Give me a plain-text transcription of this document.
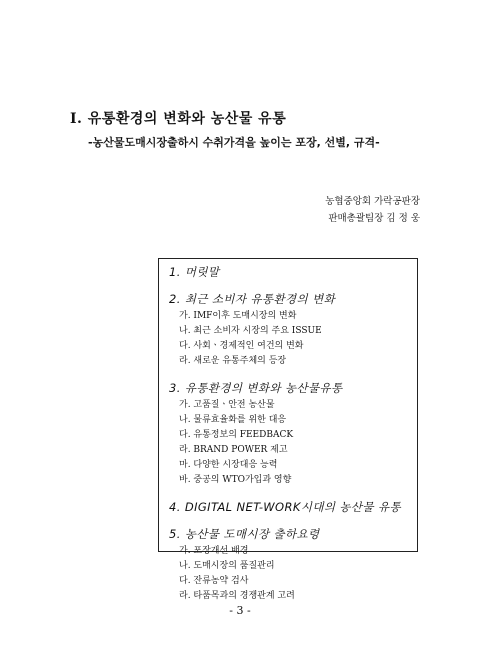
Ⅰ. 유통환경의 변화와 농산물 유통
-농산물도매시장출하시 수취가격을 높이는 포장, 선별, 규격-
농협중앙회 가락공판장
판매총괄팀장 김 정 웅
1. 머릿말
2. 최근 소비자 유통환경의 변화
가. IMF이후 도매시장의 변화
나. 최근 소비자 시장의 주요 ISSUE
다. 사회ㆍ경제적인 여건의 변화
라. 새로운 유통주체의 등장
3. 유통환경의 변화와 농산물유통
가. 고품질ㆍ안전 농산물
나. 물류효율화를 위한 대응
다. 유통정보의 FEEDBACK
라. BRAND POWER 제고
마. 다양한 시장대응 능력
바. 중공의 WTO가입과 영향
4. DIGITAL NET-WORK시대의 농산물 유통
5. 농산물 도매시장 출하요령
가. 포장개선 배경
나. 도매시장의 품질관리
다. 잔류농약 검사
라. 타품목과의 경쟁관계 고려
- 3 -
